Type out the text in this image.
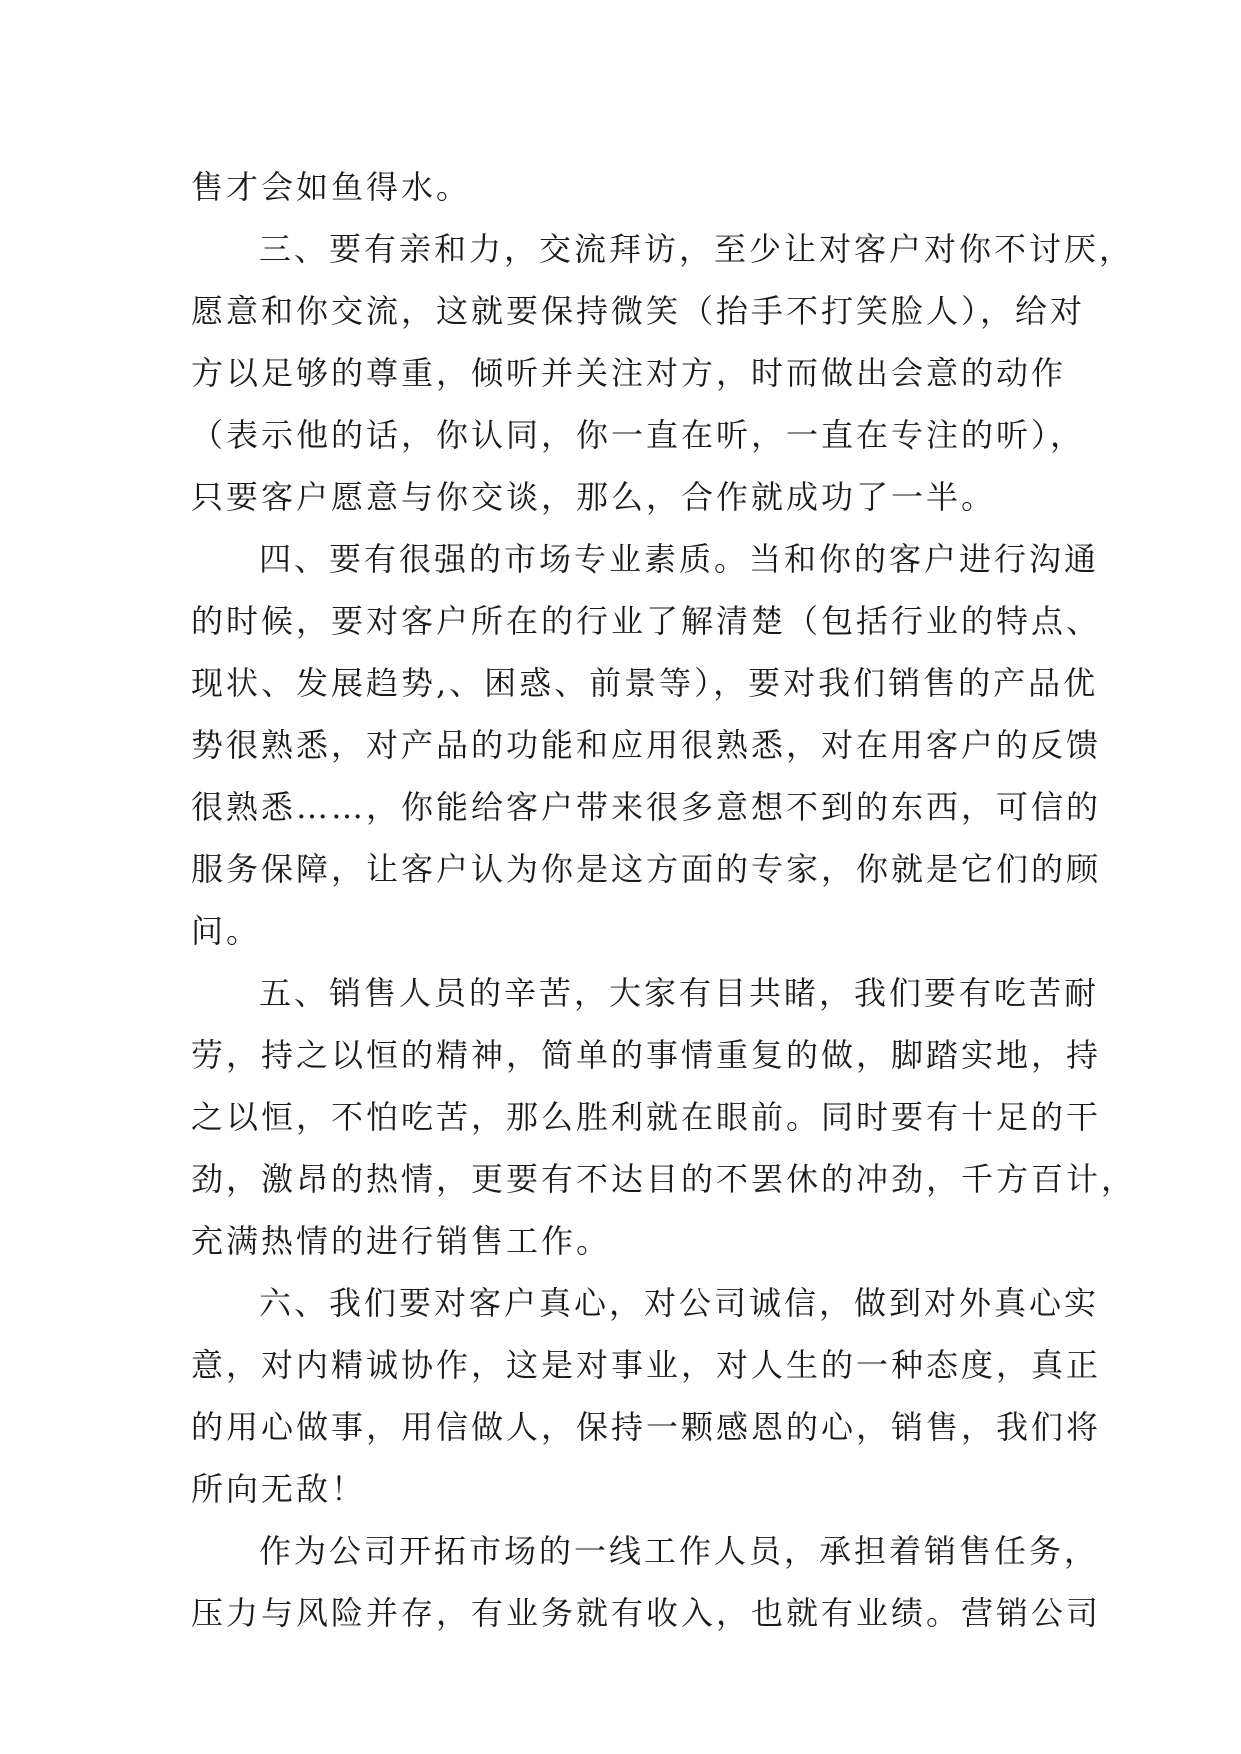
售才会如鱼得水。
三、要有亲和力，交流拜访，至少让对客户对你不讨厌，
愿意和你交流，这就要保持微笑（抬手不打笑脸人），给对
方以足够的尊重，倾听并关注对方，时而做出会意的动作
（表示他的话，你认同，你一直在听，一直在专注的听），
只要客户愿意与你交谈，那么，合作就成功了一半。
四、要有很强的市场专业素质。当和你的客户进行沟通
的时候，要对客户所在的行业了解清楚（包括行业的特点、
现状、发展趋势,、困惑、前景等），要对我们销售的产品优
势很熟悉，对产品的功能和应用很熟悉，对在用客户的反馈
很熟悉……，你能给客户带来很多意想不到的东西，可信的
服务保障，让客户认为你是这方面的专家，你就是它们的顾
问。
五、销售人员的辛苦，大家有目共睹，我们要有吃苦耐
劳，持之以恒的精神，简单的事情重复的做，脚踏实地，持
之以恒，不怕吃苦，那么胜利就在眼前。同时要有十足的干
劲，激昂的热情，更要有不达目的不罢休的冲劲，千方百计，
充满热情的进行销售工作。
六、我们要对客户真心，对公司诚信，做到对外真心实
意，对内精诚协作，这是对事业，对人生的一种态度，真正
的用心做事，用信做人，保持一颗感恩的心，销售，我们将
所向无敌！
作为公司开拓市场的一线工作人员，承担着销售任务，
压力与风险并存，有业务就有收入，也就有业绩。营销公司
